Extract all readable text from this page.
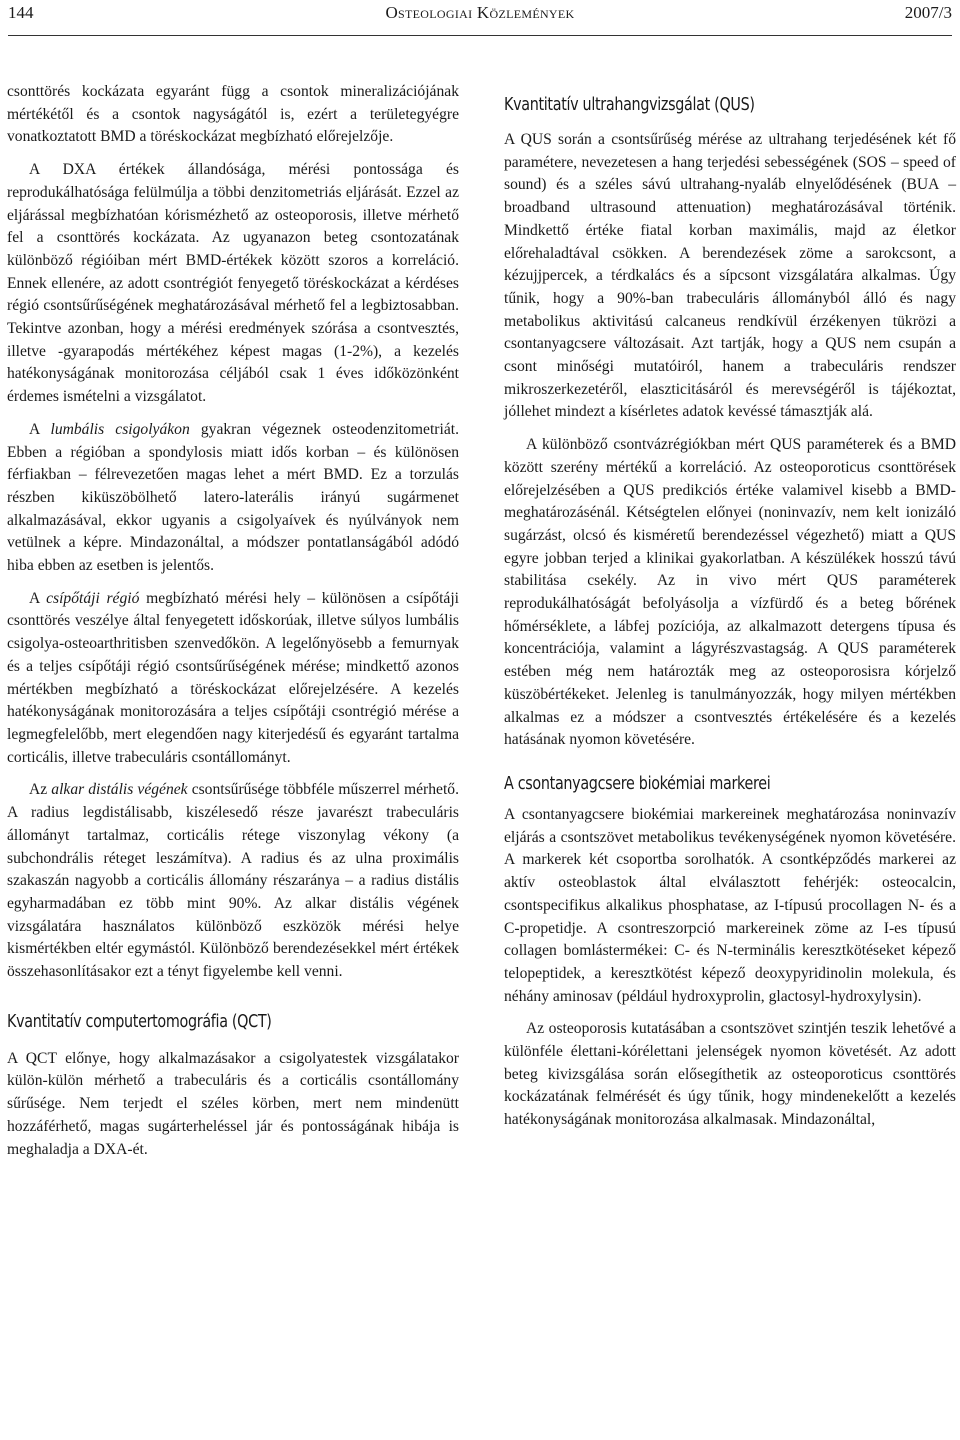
144	Osteologiai Közlemények	2007/3

csonttörés kockázata egyaránt függ a csontok mineralizációjának mértékétől és a csontok nagyságától is, ezért a területegyégre vonatkoztatott BMD a töréskockázat megbízható előrejelzője.

A DXA értékek állandósága, mérési pontossága és reprodukálhatósága felülmúlja a többi denzitometriás eljárását. Ezzel az eljárással megbízhatóan kórismézhető az osteoporosis, illetve mérhető fel a csonttörés kockázata. Az ugyanazon beteg csontozatának különböző régióiban mért BMD-értékek között szoros a korreláció. Ennek ellenére, az adott csontrégiót fenyegető töréskockázat a kérdéses régió csontsűrűségének meghatározásával mérhető fel a legbiztosabban. Tekintve azonban, hogy a mérési eredmények szórása a csontvesztés, illetve -gyarapodás mértékéhez képest magas (1-2%), a kezelés hatékonyságának monitorozása céljából csak 1 éves időközönként érdemes ismételni a vizsgálatot.

A lumbális csigolyákon gyakran végeznek osteodenzitometriát. Ebben a régióban a spondylosis miatt idős korban – és különösen férfiakban – félrevezetően magas lehet a mért BMD. Ez a torzulás részben kiküszöbölhető latero-laterális irányú sugármenet alkalmazásával, ekkor ugyanis a csigolyaívek és nyúlványok nem vetülnek a képre. Mindazonáltal, a módszer pontatlanságából adódó hiba ebben az esetben is jelentős.

A csípőtáji régió megbízható mérési hely – különösen a csípőtáji csonttörés veszélye által fenyegetett időskorúak, illetve súlyos lumbális csigolya-osteoarthritisben szenvedőkön. A legelőnyösebb a femurnyak és a teljes csípőtáji régió csontsűrűségének mérése; mindkettő azonos mértékben megbízható a töréskockázat előrejelzésére. A kezelés hatékonyságának monitorozására a teljes csípőtáji csontrégió mérése a legmegfelelőbb, mert elegendően nagy kiterjedésű és egyaránt tartalma corticális, illetve trabeculáris csontállományt.

Az alkar distális végének csontsűrűsége többféle műszerrel mérhető. A radius legdistálisabb, kiszélesedő része javarészt trabeculáris állományt tartalmaz, corticális rétege viszonylag vékony (a subchondrális réteget leszámítva). A radius és az ulna proximális szakaszán nagyobb a corticális állomány részaránya – a radius distális egyharmadában ez több mint 90%. Az alkar distális végének vizsgálatára használatos különböző eszközök mérési helye kismértékben eltér egymástól. Különböző berendezésekkel mért értékek összehasonlításakor ezt a tényt figyelembe kell venni.

Kvantitatív computertomográfia (QCT)

A QCT előnye, hogy alkalmazásakor a csigolyatestek vizsgálatakor külön-külön mérhető a trabeculáris és a corticális csontállomány sűrűsége. Nem terjedt el széles körben, mert nem mindenütt hozzáférhető, magas sugárterheléssel jár és pontosságának hibája is meghaladja a DXA-ét.

Kvantitatív ultrahangvizsgálat (QUS)

A QUS során a csontsűrűség mérése az ultrahang terjedésének két fő paramétere, nevezetesen a hang terjedési sebességének (SOS – speed of sound) és a széles sávú ultrahang-nyaláb elnyelődésének (BUA – broadband ultrasound attenuation) meghatározásával történik. Mindkettő értéke fiatal korban maximális, majd az életkor előrehaladtával csökken. A berendezések zöme a sarokcsont, a kézujjpercek, a térdkalács és a sípcsont vizsgálatára alkalmas. Úgy tűnik, hogy a 90%-ban trabeculáris állományból álló és nagy metabolikus aktivitású calcaneus rendkívül érzékenyen tükrözi a csontanyagcsere változásait. Azt tartják, hogy a QUS nem csupán a csont minőségi mutatóiról, hanem a trabeculáris rendszer mikroszerkezetéről, elaszticitásáról és merevségéről is tájékoztat, jóllehet mindezt a kísérletes adatok kevéssé támasztják alá.

A különböző csontvázrégiókban mért QUS paraméterek és a BMD között szerény mértékű a korreláció. Az osteoporoticus csonttörések előrejelzésében a QUS predikciós értéke valamivel kisebb a BMD-meghatározásénál. Kétségtelen előnyei (noninvazív, nem kelt ionizáló sugárzást, olcsó és kisméretű berendezéssel végezhető) miatt a QUS egyre jobban terjed a klinikai gyakorlatban. A készülékek hosszú távú stabilitása csekély. Az in vivo mért QUS paraméterek reprodukálhatóságát befolyásolja a vízfürdő és a beteg bőrének hőmérséklete, a lábfej pozíciója, az alkalmazott detergens típusa és koncentrációja, valamint a lágyrészvastagság. A QUS paraméterek estében még nem határozták meg az osteoporosisra kórjelző küszöbértékeket. Jelenleg is tanulmányozzák, hogy milyen mértékben alkalmas ez a módszer a csontvesztés értékelésére és a kezelés hatásának nyomon követésére.

A csontanyagcsere biokémiai markerei

A csontanyagcsere biokémiai markereinek meghatározása noninvazív eljárás a csontszövet metabolikus tevékenységének nyomon követésére. A markerek két csoportba sorolhatók. A csontképződés markerei az aktív osteoblastok által elválasztott fehérjék: osteocalcin, csontspecifikus alkalikus phosphatase, az I-típusú procollagen N- és a C-propetidje. A csontreszorpció markereinek zöme az I-es típusú collagen bomlástermékei: C- és N-terminális keresztkötéseket képező telopeptidek, a keresztkötést képező deoxypyridinolin molekula, és néhány aminosav (például hydroxyprolin, glactosyl-hydroxylysin).

Az osteoporosis kutatásában a csontszövet szintjén teszik lehetővé a különféle élettani-kórélettani jelenségek nyomon követését. Az adott beteg kivizsgálása során elősegíthetik az osteoporoticus csonttörés kockázatának felmérését és úgy tűnik, hogy mindenekelőtt a kezelés hatékonyságának monitorozása alkalmasak. Mindazonáltal,
